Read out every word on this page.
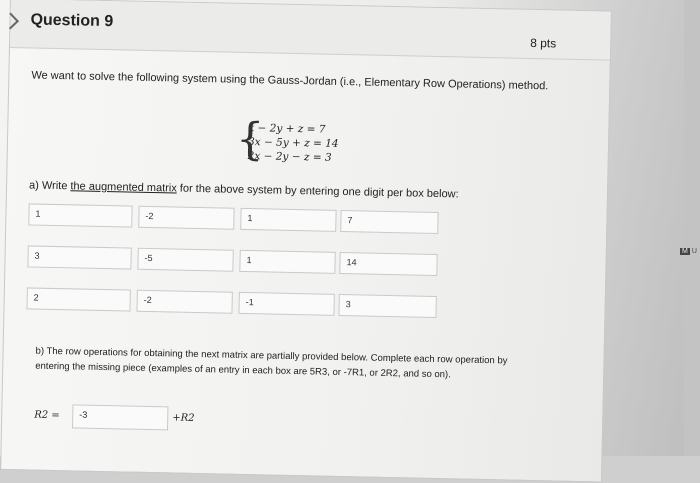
Question 9
8 pts
We want to solve the following system using the Gauss-Jordan (i.e., Elementary Row Operations) method.
{
x − 2y + z = 7
3x − 5y + z = 14
2x − 2y − z = 3
a) Write the augmented matrix for the above system by entering one digit per box below:
1	-2	1	7
3	-5	1	14
2	-2	-1	3
b) The row operations for obtaining the next matrix are partially provided below. Complete each row operation by entering the missing piece (examples of an entry in each box are 5R3, or -7R1, or 2R2, and so on).
R2 =	-3	+R2
M U
